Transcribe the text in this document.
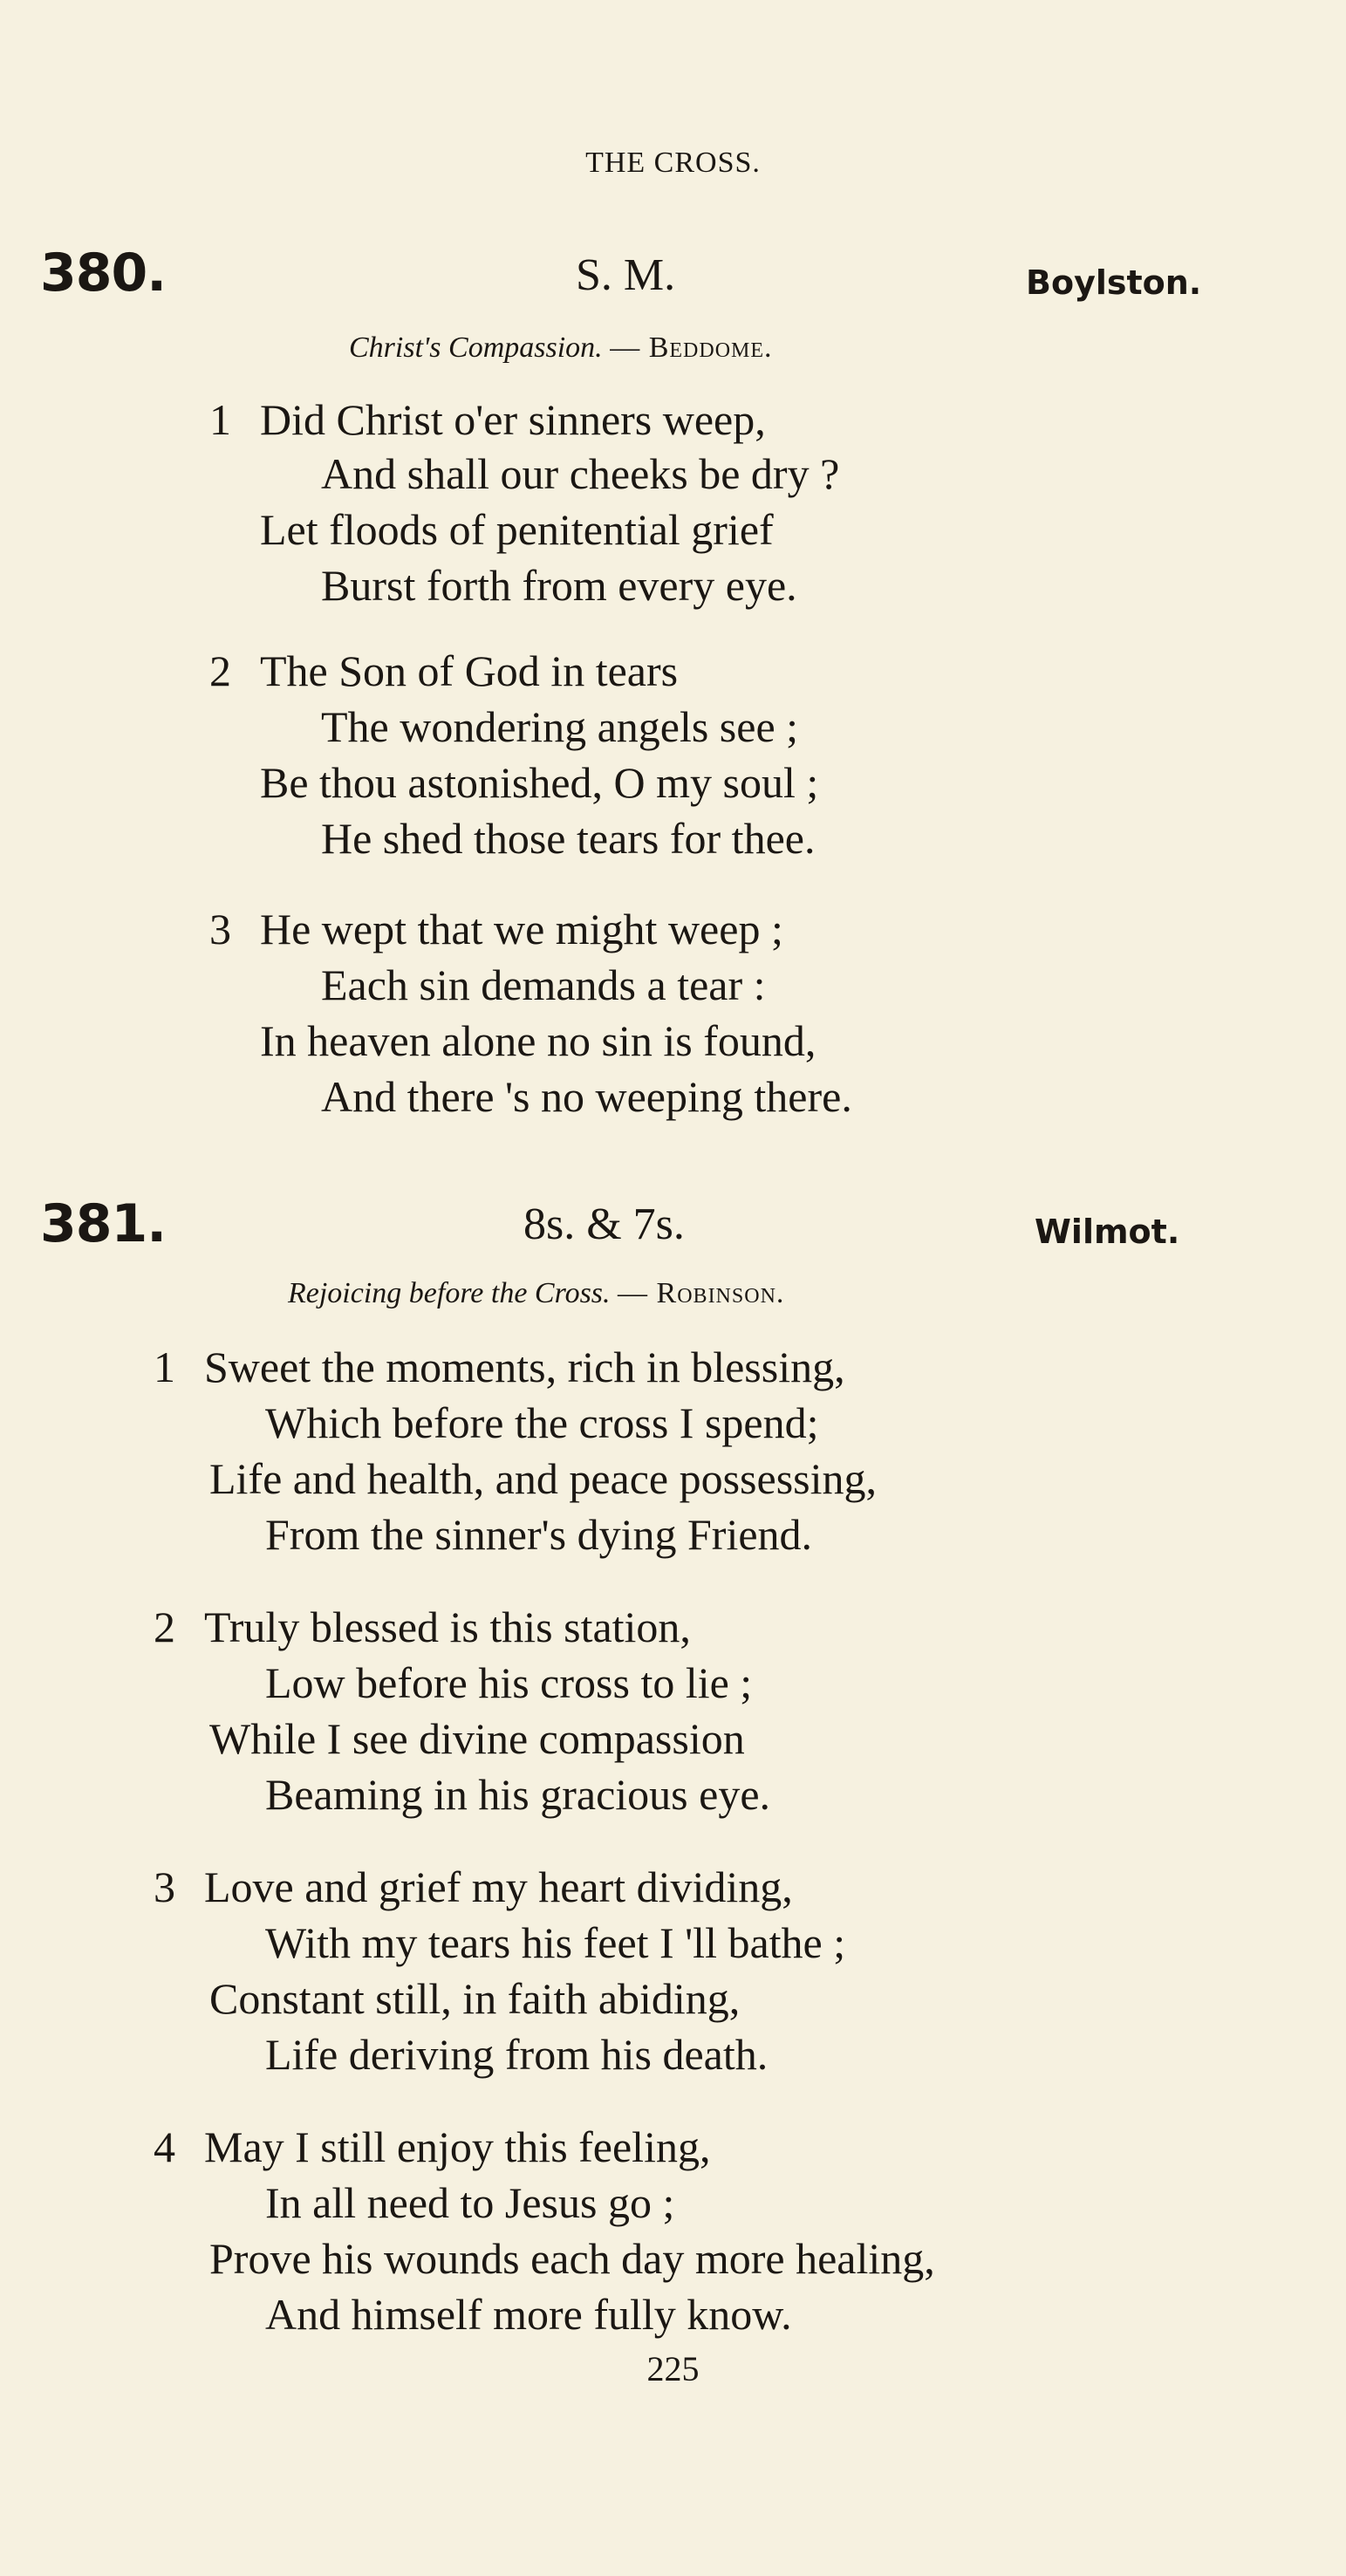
THE CROSS.
380.	S. M.	Boylston.
Christ's Compassion. — Beddome.
1 Did Christ o'er sinners weep,
And shall our cheeks be dry ?
Let floods of penitential grief
Burst forth from every eye.
2 The Son of God in tears
The wondering angels see ;
Be thou astonished, O my soul ;
He shed those tears for thee.
3 He wept that we might weep ;
Each sin demands a tear :
In heaven alone no sin is found,
And there 's no weeping there.
381.	8s. & 7s.	Wilmot.
Rejoicing before the Cross. — Robinson.
1 Sweet the moments, rich in blessing,
Which before the cross I spend;
Life and health, and peace possessing,
From the sinner's dying Friend.
2 Truly blessed is this station,
Low before his cross to lie ;
While I see divine compassion
Beaming in his gracious eye.
3 Love and grief my heart dividing,
With my tears his feet I 'll bathe ;
Constant still, in faith abiding,
Life deriving from his death.
4 May I still enjoy this feeling,
In all need to Jesus go ;
Prove his wounds each day more healing,
And himself more fully know.
225
